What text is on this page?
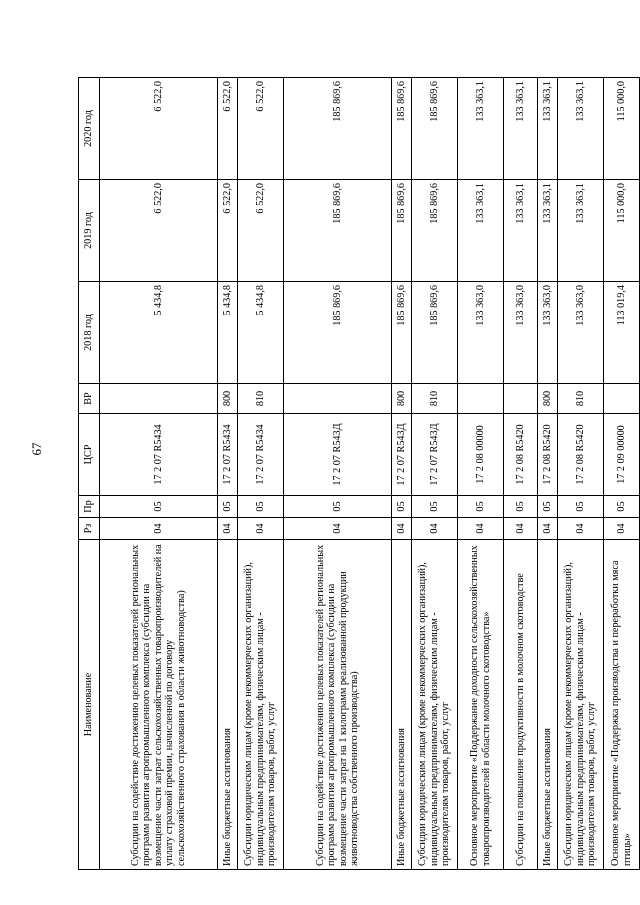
67
Наименование	Рз	Пр	ЦСР	ВР	2018 год	2019 год	2020 год
Субсидии на содействие достижению целевых показателей региональных программ развития агропромышленного комплекса (субсидии на возмещение части затрат сельскохозяйственных товаропроизводителей на уплату страховой премии, начисленной по договору сельскохозяйственного страхования в области животноводства)	04	05	17 2 07 R5434		5 434,8	6 522,0	6 522,0
Иные бюджетные ассигнования	04	05	17 2 07 R5434	800	5 434,8	6 522,0	6 522,0
Субсидии юридическим лицам (кроме некоммерческих организаций), индивидуальным предпринимателям, физическим лицам - производителям товаров, работ, услуг	04	05	17 2 07 R5434	810	5 434,8	6 522,0	6 522,0
Субсидии на содействие достижению целевых показателей региональных программ развития агропромышленного комплекса (субсидии на возмещение части затрат на 1 килограмм реализованной продукции животноводства собственного производства)	04	05	17 2 07 R543Д		185 869,6	185 869,6	185 869,6
Иные бюджетные ассигнования	04	05	17 2 07 R543Д	800	185 869,6	185 869,6	185 869,6
Субсидии юридическим лицам (кроме некоммерческих организаций), индивидуальным предпринимателям, физическим лицам - производителям товаров, работ, услуг	04	05	17 2 07 R543Д	810	185 869,6	185 869,6	185 869,6
Основное мероприятие «Поддержание доходности сельскохозяйственных товаропроизводителей в области молочного скотоводства»	04	05	17 2 08 00000		133 363,0	133 363,1	133 363,1
Субсидии на повышение продуктивности в молочном скотоводстве	04	05	17 2 08 R5420		133 363,0	133 363,1	133 363,1
Иные бюджетные ассигнования	04	05	17 2 08 R5420	800	133 363,0	133 363,1	133 363,1
Субсидии юридическим лицам (кроме некоммерческих организаций), индивидуальным предпринимателям, физическим лицам - производителям товаров, работ, услуг	04	05	17 2 08 R5420	810	133 363,0	133 363,1	133 363,1
Основное мероприятие «Поддержка производства и переработки мяса птицы»	04	05	17 2 09 00000		113 019,4	115 000,0	115 000,0
